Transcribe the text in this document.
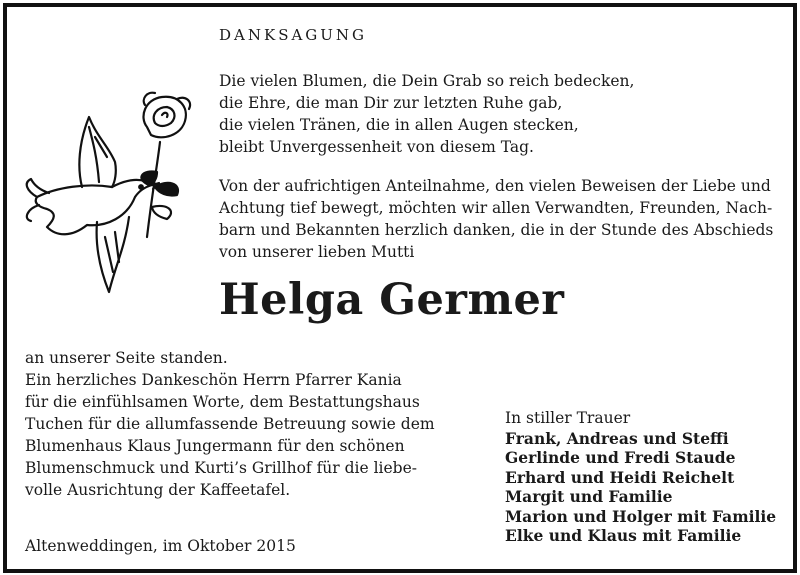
DANKSAGUNG
Die vielen Blumen, die Dein Grab so reich bedecken,
die Ehre, die man Dir zur letzten Ruhe gab,
die vielen Tränen, die in allen Augen stecken,
bleibt Unvergessenheit von diesem Tag.
Von der aufrichtigen Anteilnahme, den vielen Beweisen der Liebe und
Achtung tief bewegt, möchten wir allen Verwandten, Freunden, Nach-
barn und Bekannten herzlich danken, die in der Stunde des Abschieds
von unserer lieben Mutti
Helga Germer
an unserer Seite standen.
Ein herzliches Dankeschön Herrn Pfarrer Kania
für die einfühlsamen Worte, dem Bestattungshaus
Tuchen für die allumfassende Betreuung sowie dem
Blumenhaus Klaus Jungermann für den schönen
Blumenschmuck und Kurti’s Grillhof für die liebe-
volle Ausrichtung der Kaffeetafel.
In stiller Trauer
Frank, Andreas und Steffi
Gerlinde und Fredi Staude
Erhard und Heidi Reichelt
Margit und Familie
Marion und Holger mit Familie
Elke und Klaus mit Familie
Altenweddingen, im Oktober 2015
